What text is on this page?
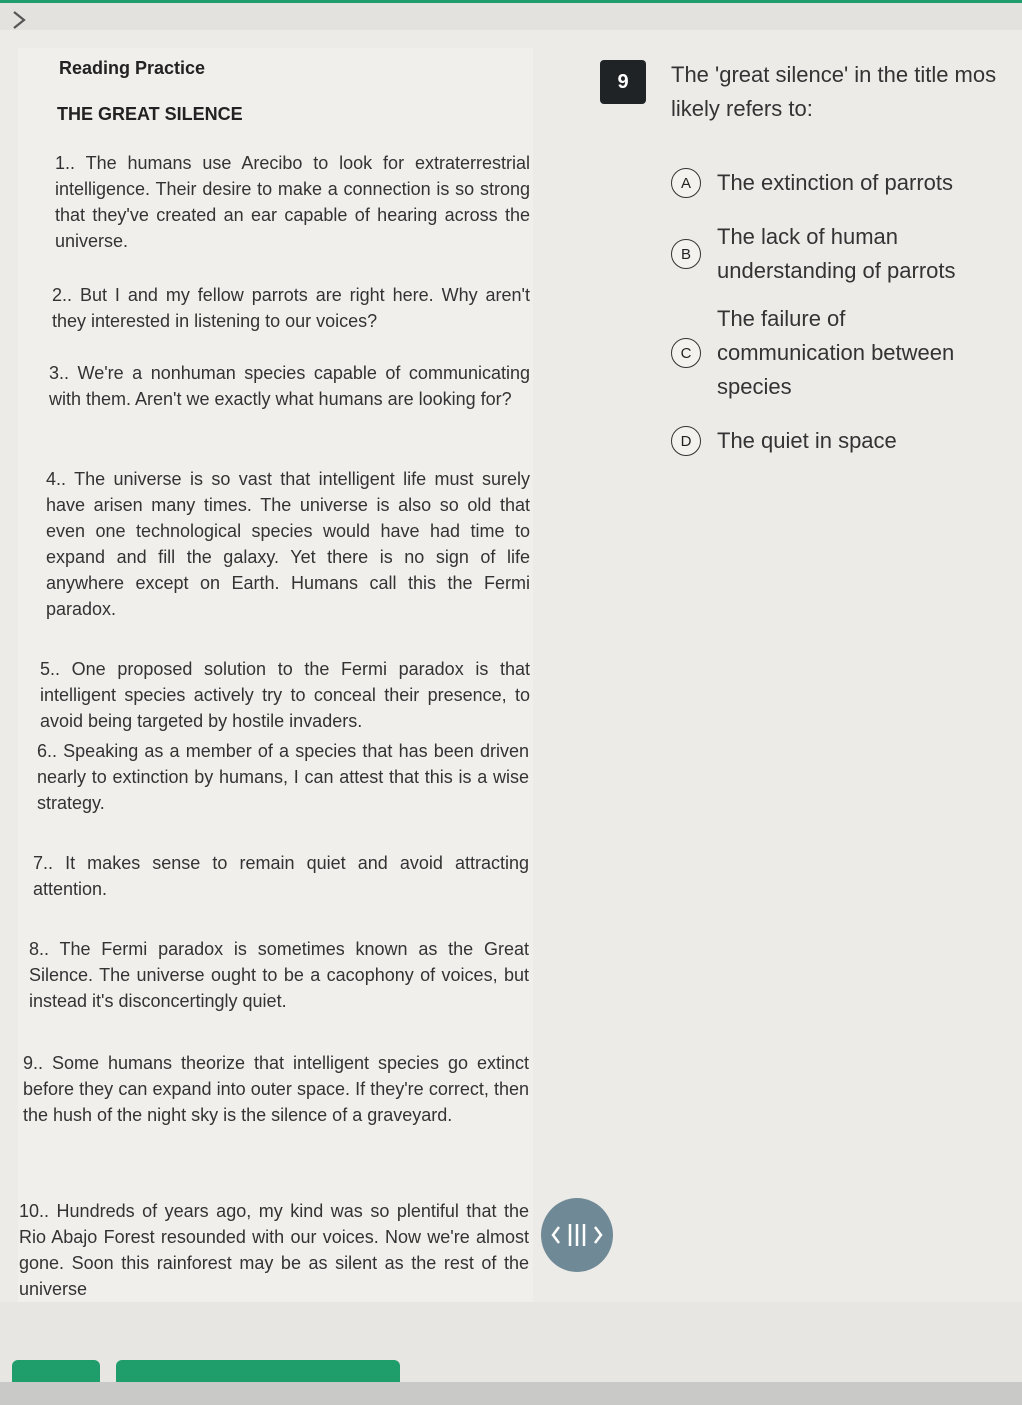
Reading Practice

THE GREAT SILENCE

1.. The humans use Arecibo to look for extraterrestrial intelligence. Their desire to make a connection is so strong that they've created an ear capable of hearing across the universe.

2.. But I and my fellow parrots are right here. Why aren't they interested in listening to our voices?

3.. We're a nonhuman species capable of communicating with them. Aren't we exactly what humans are looking for?

4.. The universe is so vast that intelligent life must surely have arisen many times. The universe is also so old that even one technological species would have had time to expand and fill the galaxy. Yet there is no sign of life anywhere except on Earth. Humans call this the Fermi paradox.

5.. One proposed solution to the Fermi paradox is that intelligent species actively try to conceal their presence, to avoid being targeted by hostile invaders.

6.. Speaking as a member of a species that has been driven nearly to extinction by humans, I can attest that this is a wise strategy.

7.. It makes sense to remain quiet and avoid attracting attention.

8.. The Fermi paradox is sometimes known as the Great Silence. The universe ought to be a cacophony of voices, but instead it's disconcertingly quiet.

9.. Some humans theorize that intelligent species go extinct before they can expand into outer space. If they're correct, then the hush of the night sky is the silence of a graveyard.

10.. Hundreds of years ago, my kind was so plentiful that the Rio Abajo Forest resounded with our voices. Now we're almost gone. Soon this rainforest may be as silent as the rest of the universe

9	The 'great silence' in the title mos
likely refers to:
A	The extinction of parrots
B
The lack of human understanding of parrots
C
The failure of communication between species
D	The quiet in space
